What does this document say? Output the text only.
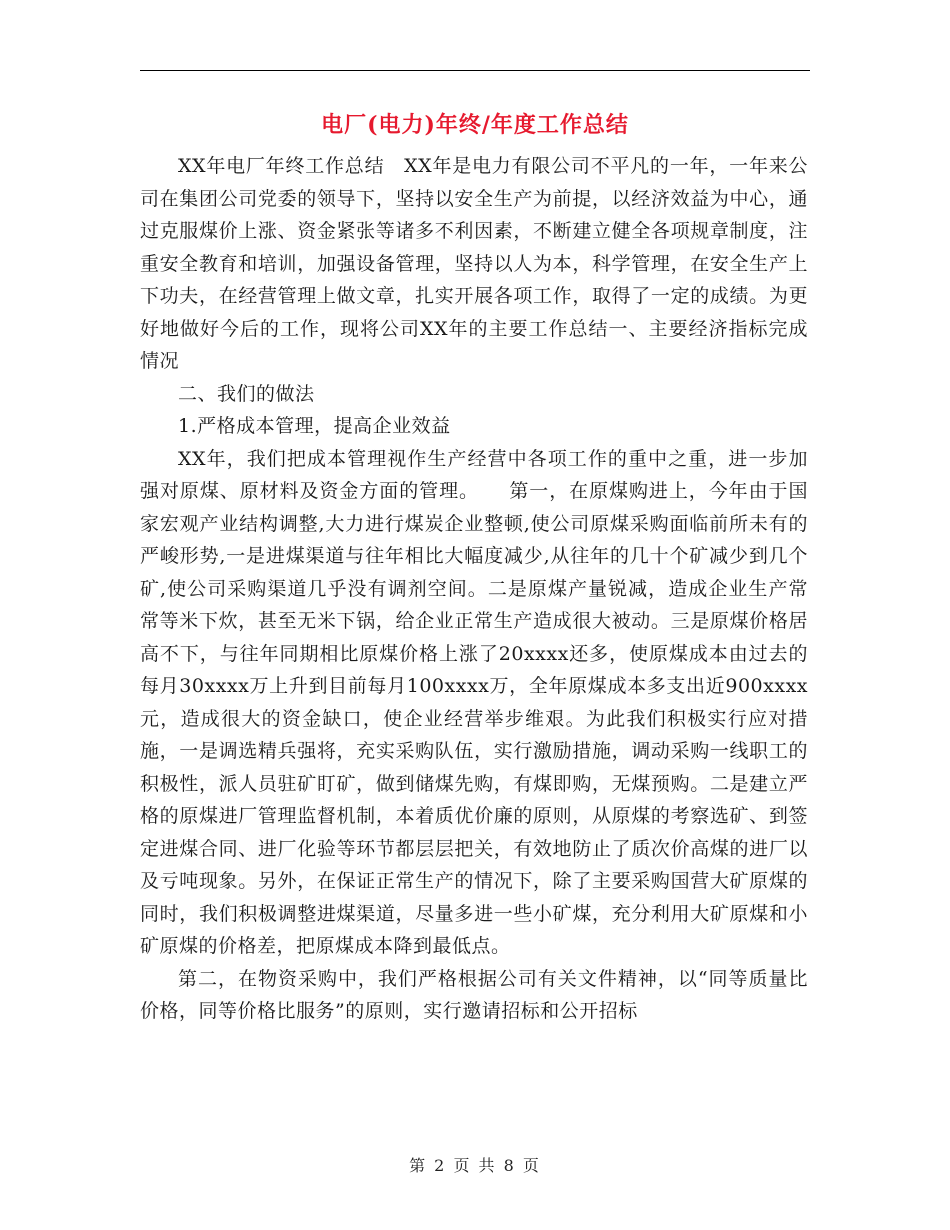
电厂(电力)年终/年度工作总结

XX年电厂年终工作总结　XX年是电力有限公司不平凡的一年，一年来公司在集团公司党委的领导下，坚持以安全生产为前提，以经济效益为中心，通过克服煤价上涨、资金紧张等诸多不利因素，不断建立健全各项规章制度，注重安全教育和培训，加强设备管理，坚持以人为本，科学管理，在安全生产上下功夫，在经营管理上做文章，扎实开展各项工作，取得了一定的成绩。为更好地做好今后的工作，现将公司XX年的主要工作总结一、主要经济指标完成情况

二、我们的做法

1.严格成本管理，提高企业效益

XX年，我们把成本管理视作生产经营中各项工作的重中之重，进一步加强对原煤、原材料及资金方面的管理。　　第一，在原煤购进上，今年由于国家宏观产业结构调整,大力进行煤炭企业整顿,使公司原煤采购面临前所未有的严峻形势,一是进煤渠道与往年相比大幅度减少,从往年的几十个矿减少到几个矿,使公司采购渠道几乎没有调剂空间。二是原煤产量锐减，造成企业生产常常等米下炊，甚至无米下锅，给企业正常生产造成很大被动。三是原煤价格居高不下，与往年同期相比原煤价格上涨了20xxxx还多，使原煤成本由过去的每月30xxxx万上升到目前每月100xxxx万，全年原煤成本多支出近900xxxx元，造成很大的资金缺口，使企业经营举步维艰。为此我们积极实行应对措施，一是调选精兵强将，充实采购队伍，实行激励措施，调动采购一线职工的积极性，派人员驻矿盯矿，做到储煤先购，有煤即购，无煤预购。二是建立严格的原煤进厂管理监督机制，本着质优价廉的原则，从原煤的考察选矿、到签定进煤合同、进厂化验等环节都层层把关，有效地防止了质次价高煤的进厂以及亏吨现象。另外，在保证正常生产的情况下，除了主要采购国营大矿原煤的同时，我们积极调整进煤渠道，尽量多进一些小矿煤，充分利用大矿原煤和小矿原煤的价格差，把原煤成本降到最低点。

第二，在物资采购中，我们严格根据公司有关文件精神，以“同等质量比价格，同等价格比服务”的原则，实行邀请招标和公开招标

第 2 页 共 8 页
